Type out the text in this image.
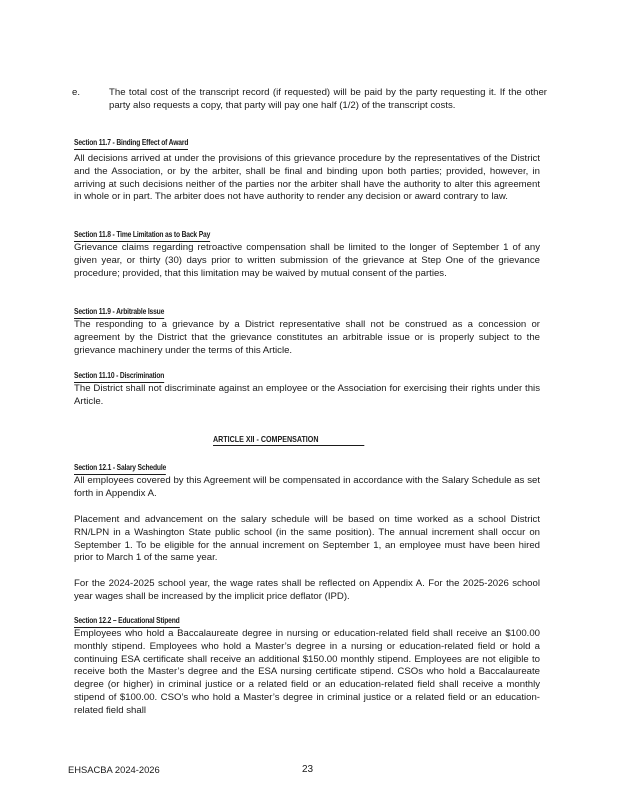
e.	The total cost of the transcript record (if requested) will be paid by the party requesting it. If the other party also requests a copy, that party will pay one half (1/2) of the transcript costs.
Section 11.7 - Binding Effect of Award
All decisions arrived at under the provisions of this grievance procedure by the representatives of the District and the Association, or by the arbiter, shall be final and binding upon both parties; provided, however, in arriving at such decisions neither of the parties nor the arbiter shall have the authority to alter this agreement in whole or in part. The arbiter does not have authority to render any decision or award contrary to law.
Section 11.8 - Time Limitation as to Back Pay
Grievance claims regarding retroactive compensation shall be limited to the longer of September 1 of any given year, or thirty (30) days prior to written submission of the grievance at Step One of the grievance procedure; provided, that this limitation may be waived by mutual consent of the parties.
Section 11.9 - Arbitrable Issue
The responding to a grievance by a District representative shall not be construed as a concession or agreement by the District that the grievance constitutes an arbitrable issue or is properly subject to the grievance machinery under the terms of this Article.
Section 11.10 - Discrimination
The District shall not discriminate against an employee or the Association for exercising their rights under this Article.
ARTICLE XII - COMPENSATION
Section 12.1 - Salary Schedule
All employees covered by this Agreement will be compensated in accordance with the Salary Schedule as set forth in Appendix A.
Placement and advancement on the salary schedule will be based on time worked as a school District RN/LPN in a Washington State public school (in the same position). The annual increment shall occur on September 1. To be eligible for the annual increment on September 1, an employee must have been hired prior to March 1 of the same year.
For the 2024-2025 school year, the wage rates shall be reflected on Appendix A. For the 2025-2026 school year wages shall be increased by the implicit price deflator (IPD).
Section 12.2 – Educational Stipend
Employees who hold a Baccalaureate degree in nursing or education-related field shall receive an $100.00 monthly stipend. Employees who hold a Master’s degree in a nursing or education-related field or hold a continuing ESA certificate shall receive an additional $150.00 monthly stipend. Employees are not eligible to receive both the Master’s degree and the ESA nursing certificate stipend. CSOs who hold a Baccalaureate degree (or higher) in criminal justice or a related field or an education-related field shall receive a monthly stipend of $100.00. CSO’s who hold a Master’s degree in criminal justice or a related field or an education-related field shall
EHSACBA 2024-2026	23
